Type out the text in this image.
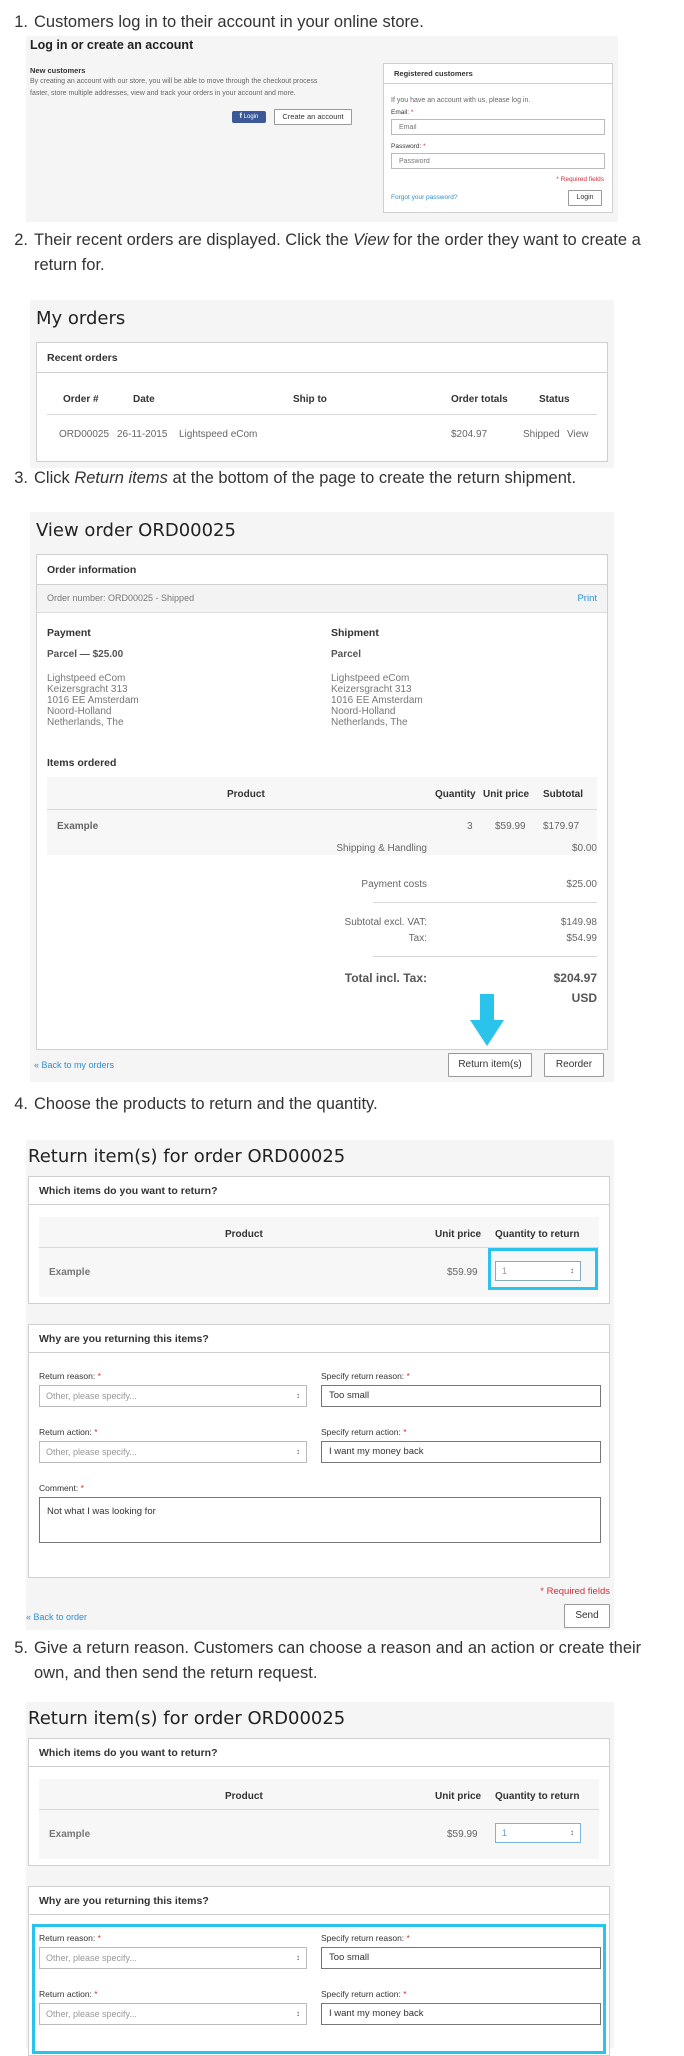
1. Customers log in to their account in your online store.
Log in or create an account
New customers
By creating an account with our store, you will be able to move through the checkout process
faster, store multiple addresses, view and track your orders in your account and more.
f Login	Create an account
Registered customers
If you have an account with us, please log in.
Email: *
Email
Password: *
Password
* Required fields
Forgot your password?	Login
2. Their recent orders are displayed. Click the View for the order they want to create a return for.
My orders
Recent orders
Order #	Date	Ship to	Order totals	Status
ORD00025 26-11-2015 Lightspeed eCom	$204.97	Shipped View
3. Click Return items at the bottom of the page to create the return shipment.
View order ORD00025
Order information
Order number: ORD00025 - Shipped	Print
Payment
Parcel — $25.00
Lighstpeed eCom
Keizersgracht 313
1016 EE Amsterdam
Noord-Holland
Netherlands, The
Shipment
Parcel
Lighstpeed eCom
Keizersgracht 313
1016 EE Amsterdam
Noord-Holland
Netherlands, The
Items ordered
Product	Quantity Unit price Subtotal
Example	3 $59.99 $179.97
Shipping & Handling	$0.00
Payment costs	$25.00
Subtotal excl. VAT:	$149.98
Tax:	$54.99
Total incl. Tax:	$204.97
USD
« Back to my orders	Return item(s)	Reorder
4. Choose the products to return and the quantity.
Return item(s) for order ORD00025
Which items do you want to return?
Product	Unit price Quantity to return
Example	$59.99	1	↕
Why are you returning this items?
Return reason: *
Other, please specify...	↕
Specify return reason: *
Too small
Return action: *
Other, please specify...	↕
Specify return action: *
I want my money back
Comment: *
Not what I was looking for
* Required fields
« Back to order	Send
5. Give a return reason. Customers can choose a reason and an action or create their own, and then send the return request.
Return item(s) for order ORD00025
Which items do you want to return?
Product	Unit price Quantity to return
Example	$59.99	1	↕
Why are you returning this items?
Return reason: *
Other, please specify...	↕
Specify return reason: *
Too small
Return action: *
Other, please specify...	↕
Specify return action: *
I want my money back
